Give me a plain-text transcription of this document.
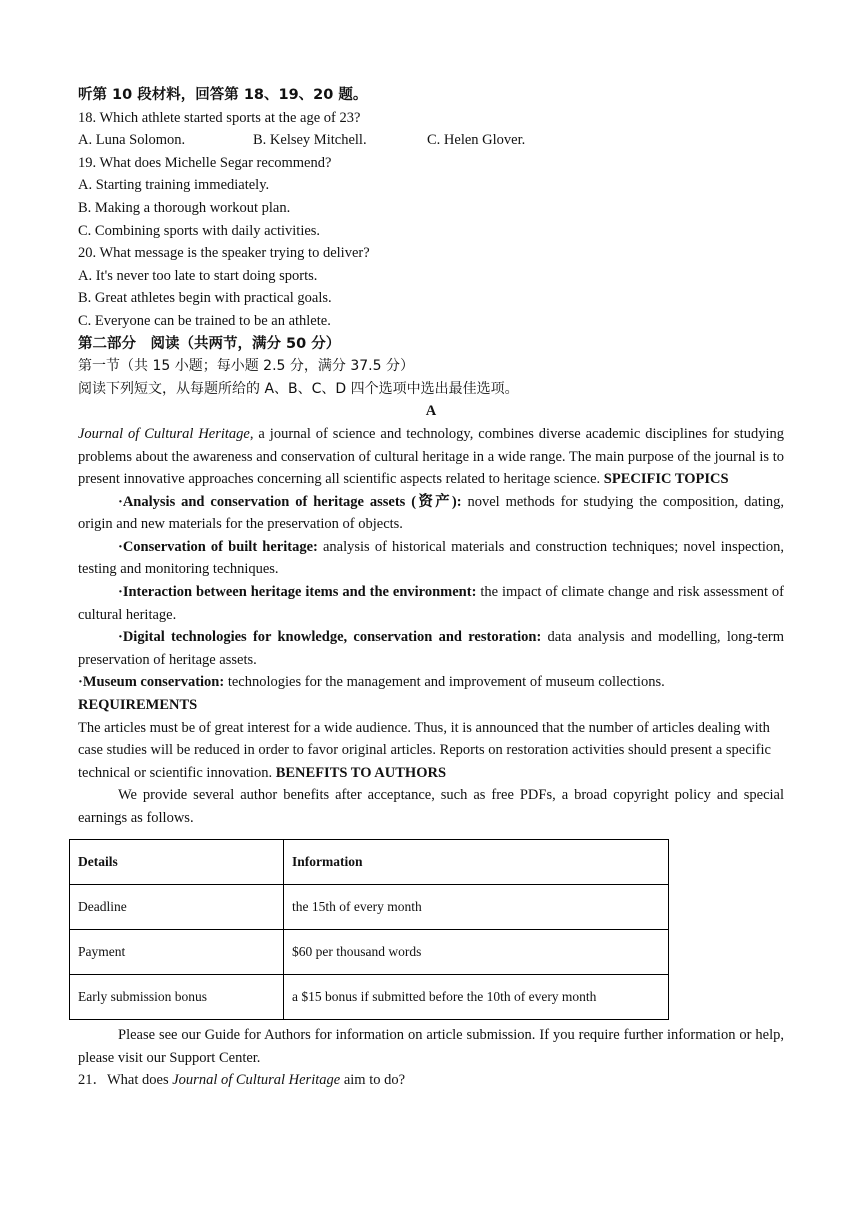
听第 10 段材料，回答第 18、19、20 题。
18. Which athlete started sports at the age of 23?
A. Luna Solomon.	B. Kelsey Mitchell.	C. Helen Glover.
19. What does Michelle Segar recommend?
A. Starting training immediately.
B. Making a thorough workout plan.
C. Combining sports with daily activities.
20. What message is the speaker trying to deliver?
A. It's never too late to start doing sports.
B. Great athletes begin with practical goals.
C. Everyone can be trained to be an athlete.
第二部分　阅读（共两节，满分 50 分）
第一节（共 15 小题；每小题 2.5 分，满分 37.5 分）
阅读下列短文，从每题所给的 A、B、C、D 四个选项中选出最佳选项。
A
Journal of Cultural Heritage, a journal of science and technology, combines diverse academic disciplines for studying problems about the awareness and conservation of cultural heritage in a wide range. The main purpose of the journal is to present innovative approaches concerning all scientific aspects related to heritage science. SPECIFIC TOPICS
·Analysis and conservation of heritage assets (资产): novel methods for studying the composition, dating, origin and new materials for the preservation of objects.
·Conservation of built heritage: analysis of historical materials and construction techniques; novel inspection, testing and monitoring techniques.
·Interaction between heritage items and the environment: the impact of climate change and risk assessment of cultural heritage.
·Digital technologies for knowledge, conservation and restoration: data analysis and modelling, long-term preservation of heritage assets.
·Museum conservation: technologies for the management and improvement of museum collections.
REQUIREMENTS
The articles must be of great interest for a wide audience. Thus, it is announced that the number of articles dealing with case studies will be reduced in order to favor original articles. Reports on restoration activities should present a specific technical or scientific innovation. BENEFITS TO AUTHORS
We provide several author benefits after acceptance, such as free PDFs, a broad copyright policy and special earnings as follows.
Details	Information
Deadline	the 15th of every month
Payment	$60 per thousand words
Early submission bonus	a $15 bonus if submitted before the 10th of every month
Please see our Guide for Authors for information on article submission. If you require further information or help, please visit our Support Center.
21．What does Journal of Cultural Heritage aim to do?
